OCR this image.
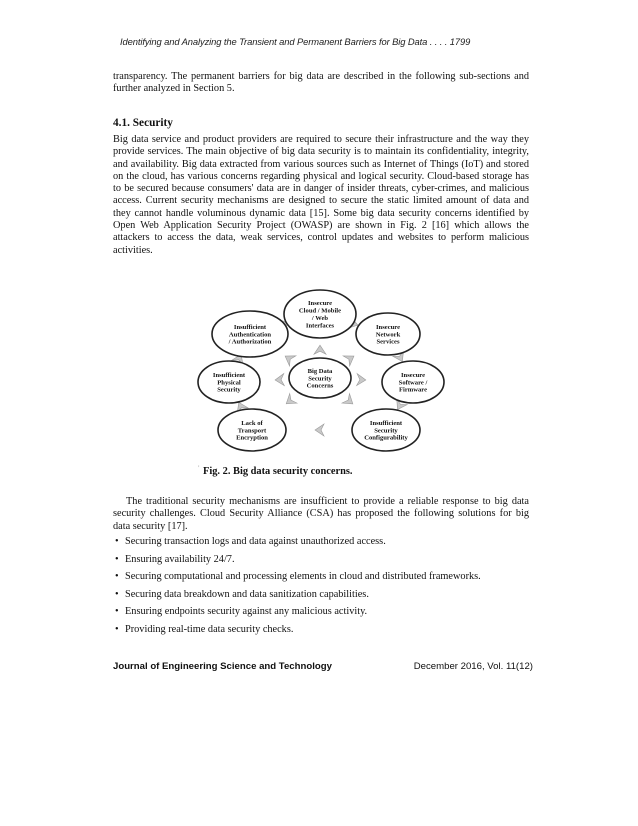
Identifying and Analyzing the Transient and Permanent Barriers for Big Data . . . . 1799

transparency. The permanent barriers for big data are described in the following sub-sections and further analyzed in Section 5.

4.1. Security

Big data service and product providers are required to secure their infrastructure and the way they provide services. The main objective of big data security is to maintain its confidentiality, integrity, and availability. Big data extracted from various sources such as Internet of Things (IoT) and stored on the cloud, has various concerns regarding physical and logical security. Cloud-based storage has to be secured because consumers' data are in danger of insider threats, cyber-crimes, and malicious access. Current security mechanisms are designed to secure the static limited amount of data and they cannot handle voluminous dynamic data [15]. Some big data security concerns identified by Open Web Application Security Project (OWASP) are shown in Fig. 2 [16] which allows the attackers to access the data, weak services, control updates and websites to perform malicious activities.

Insecure
Cloud / Mobile
/ Web
Interfaces	Insecure
Network
Services
Insecure
Software /
Firmware
Insufficient
Security
Configurability
Lack of
Transport
Encryption
Insufficient
Physical
Security
Insufficient
Authentication
/ Authorization
Big Data
Security
Concerns
,

Fig. 2. Big data security concerns.

The traditional security mechanisms are insufficient to provide a reliable response to big data security challenges. Cloud Security Alliance (CSA) has proposed the following solutions for big data security [17].

• Securing transaction logs and data against unauthorized access.
• Ensuring availability 24/7.
• Securing computational and processing elements in cloud and distributed frameworks.
• Securing data breakdown and data sanitization capabilities.
• Ensuring endpoints security against any malicious activity.
• Providing real-time data security checks.
Journal of Engineering Science and Technology	December 2016, Vol. 11(12)
